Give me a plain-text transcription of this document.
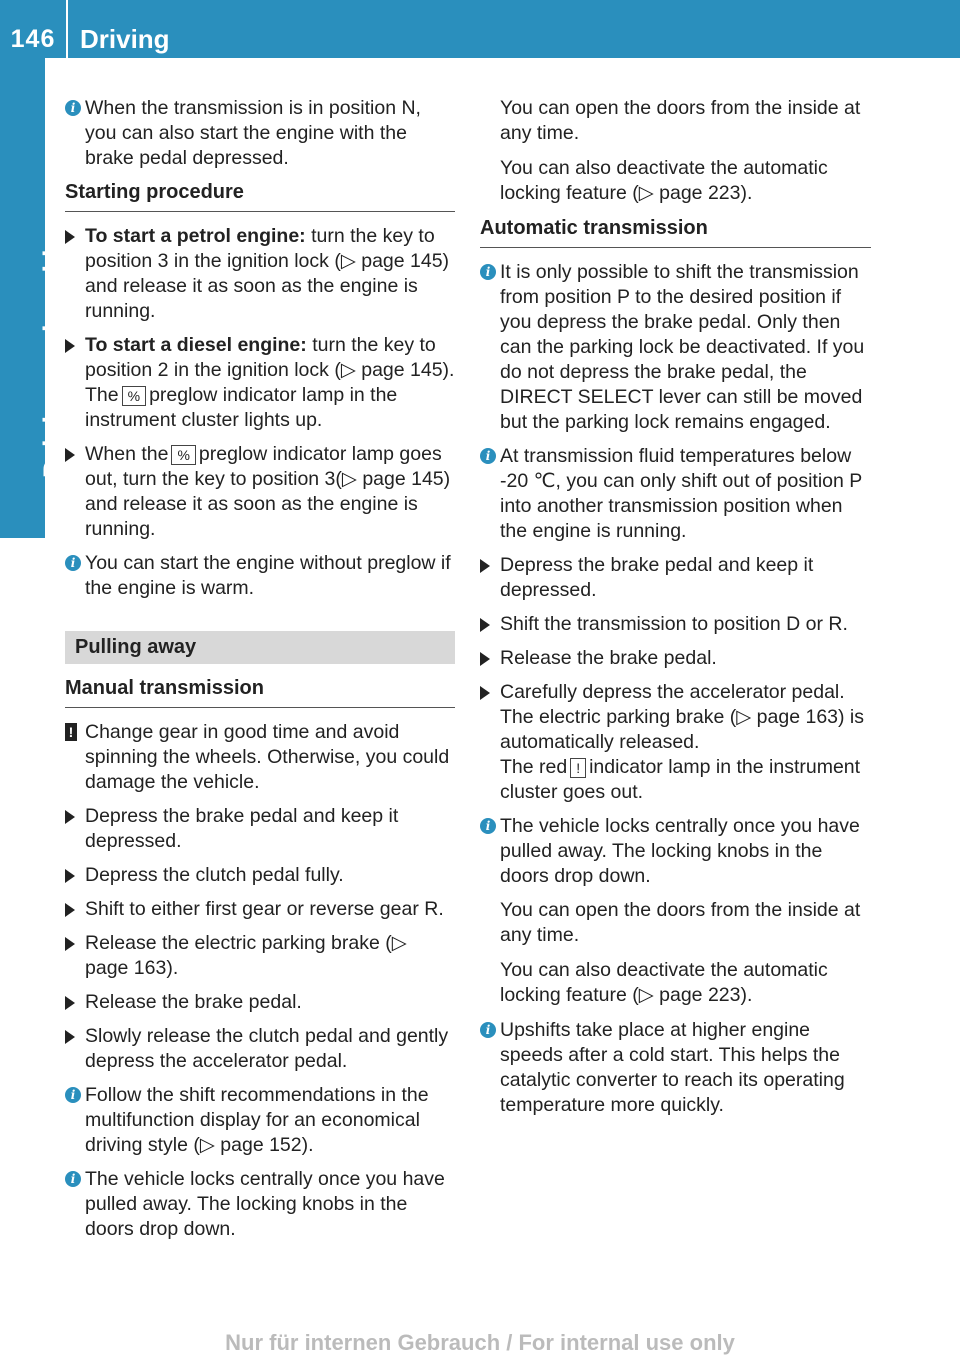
146 Driving
Driving and parking
i When the transmission is in position N, you can also start the engine with the brake pedal depressed.
Starting procedure
To start a petrol engine: turn the key to position 3 in the ignition lock (▷ page 145) and release it as soon as the engine is running.
To start a diesel engine: turn the key to position 2 in the ignition lock (▷ page 145).
The % preglow indicator lamp in the instrument cluster lights up.
When the % preglow indicator lamp goes out, turn the key to position 3(▷ page 145) and release it as soon as the engine is running.
i You can start the engine without preglow if the engine is warm.
Pulling away
Manual transmission
! Change gear in good time and avoid spinning the wheels. Otherwise, you could damage the vehicle.
Depress the brake pedal and keep it depressed.
Depress the clutch pedal fully.
Shift to either first gear or reverse gear R.
Release the electric parking brake (▷ page 163).
Release the brake pedal.
Slowly release the clutch pedal and gently depress the accelerator pedal.
i Follow the shift recommendations in the multifunction display for an economical driving style (▷ page 152).
i The vehicle locks centrally once you have pulled away. The locking knobs in the doors drop down.
You can open the doors from the inside at any time.
You can also deactivate the automatic locking feature (▷ page 223).
Automatic transmission
i It is only possible to shift the transmission from position P to the desired position if you depress the brake pedal. Only then can the parking lock be deactivated. If you do not depress the brake pedal, the DIRECT SELECT lever can still be moved but the parking lock remains engaged.
i At transmission fluid temperatures below -20 ℃, you can only shift out of position P into another transmission position when the engine is running.
Depress the brake pedal and keep it depressed.
Shift the transmission to position D or R.
Release the brake pedal.
Carefully depress the accelerator pedal. The electric parking brake (▷ page 163) is automatically released.
The red ! indicator lamp in the instrument cluster goes out.
i The vehicle locks centrally once you have pulled away. The locking knobs in the doors drop down.
You can open the doors from the inside at any time.
You can also deactivate the automatic locking feature (▷ page 223).
i Upshifts take place at higher engine speeds after a cold start. This helps the catalytic converter to reach its operating temperature more quickly.
Nur für internen Gebrauch / For internal use only
